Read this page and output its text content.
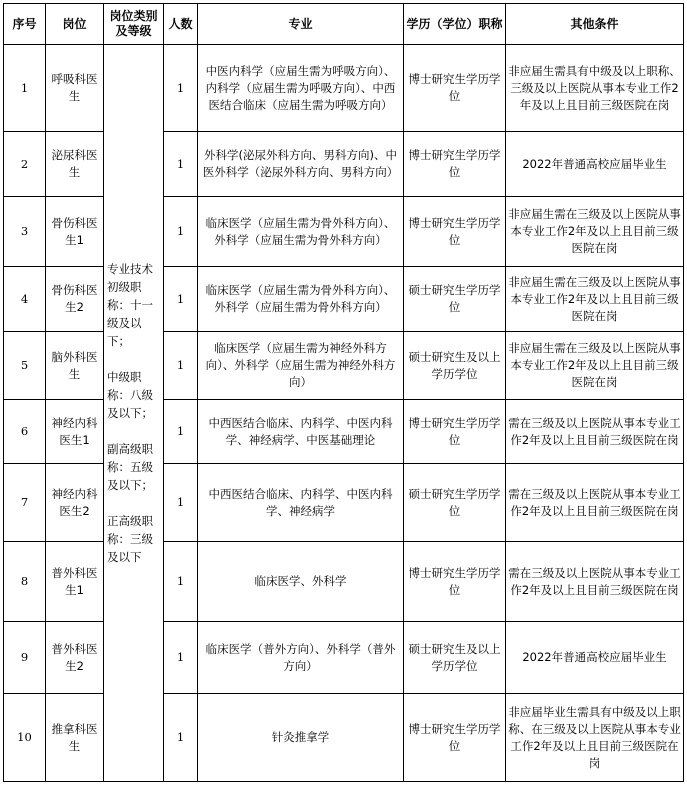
序号	岗位	岗位类别及等级	人数	专业	学历（学位）职称	其他条件
1	呼吸科医生	专业技术初级职称：十一级及以下；

中级职称：八级及以下；

副高级职称：五级及以下；

正高级职称：三级及以下	1	中医内科学（应届生需为呼吸方向）、内科学（应届生需为呼吸方向）、中西医结合临床（应届生需为呼吸方向）	博士研究生学历学位	非应届生需具有中级及以上职称、三级及以上医院从事本专业工作2年及以上且目前三级医院在岗
2	泌尿科医生		1	外科学(泌尿外科方向、男科方向)、中医外科学（泌尿外科方向、男科方向）	博士研究生学历学位	2022年普通高校应届毕业生
3	骨伤科医生1		1	临床医学（应届生需为骨外科方向）、外科学（应届生需为骨外科方向）	博士研究生学历学位	非应届生需在三级及以上医院从事本专业工作2年及以上且目前三级医院在岗
4	骨伤科医生2		1	临床医学（应届生需为骨外科方向）、外科学（应届生需为骨外科方向）	硕士研究生学历学位	非应届生需在三级及以上医院从事本专业工作2年及以上且目前三级医院在岗
5	脑外科医生		1	临床医学（应届生需为神经外科方向）、外科学（应届生需为神经外科方向）	硕士研究生及以上学历学位	非应届生需在三级及以上医院从事本专业工作2年及以上且目前三级医院在岗
6	神经内科医生1		1	中西医结合临床、内科学、中医内科学、神经病学、中医基础理论	博士研究生学历学位	需在三级及以上医院从事本专业工作2年及以上且目前三级医院在岗
7	神经内科医生2		1	中西医结合临床、内科学、中医内科学、神经病学	硕士研究生学历学位	需在三级及以上医院从事本专业工作2年及以上且目前三级医院在岗
8	普外科医生1		1	临床医学、外科学	博士研究生学历学位	需在三级及以上医院从事本专业工作2年及以上且目前三级医院在岗
9	普外科医生2		1	临床医学（普外方向）、外科学（普外方向）	硕士研究生及以上学历学位	2022年普通高校应届毕业生
10	推拿科医生		1	针灸推拿学	博士研究生学历学位	非应届毕业生需具有中级及以上职称、在三级及以上医院从事本专业工作2年及以上且目前三级医院在岗
